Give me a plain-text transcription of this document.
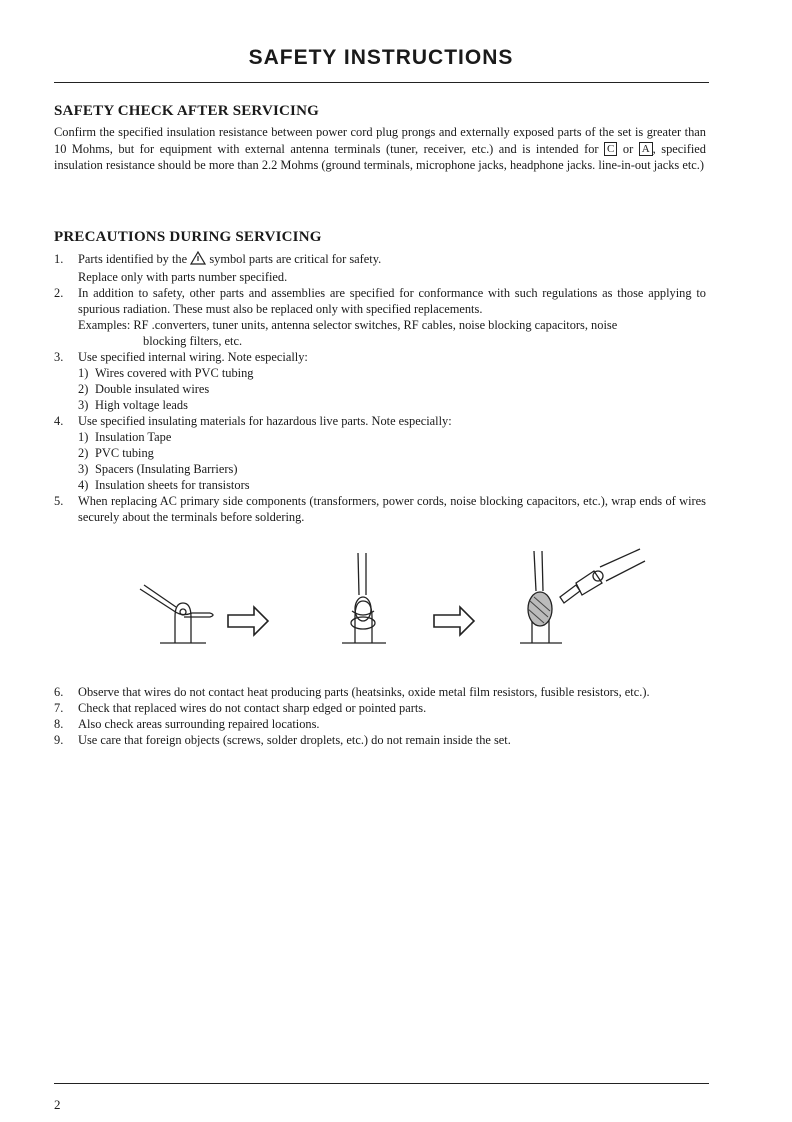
SAFETY INSTRUCTIONS
SAFETY CHECK AFTER SERVICING

Confirm the specified insulation resistance between power cord plug prongs and externally exposed parts of the set is greater than 10 Mohms, but for equipment with external antenna terminals (tuner, receiver, etc.) and is intended for C or A , specified insulation resistance should be more than 2.2 Mohms (ground terminals, microphone jacks, headphone jacks. line-in-out jacks etc.)

PRECAUTIONS DURING SERVICING
1. Parts identified by the symbol parts are critical for safety.
Replace only with parts number specified.
2. In addition to safety, other parts and assemblies are specified for conformance with such regulations as those applying to spurious radiation. These must also be replaced only with specified replacements.
Examples: RF .converters, tuner units, antenna selector switches, RF cables, noise blocking capacitors, noise
blocking filters, etc.
3. Use specified internal wiring. Note especially:
1) Wires covered with PVC tubing
2) Double insulated wires
3) High voltage leads
4. Use specified insulating materials for hazardous live parts. Note especially:
1) Insulation Tape
2) PVC tubing
3) Spacers (Insulating Barriers)
4) Insulation sheets for transistors
5. When replacing AC primary side components (transformers, power cords, noise blocking capacitors, etc.), wrap ends of wires securely about the terminals before soldering.
6. Observe that wires do not contact heat producing parts (heatsinks, oxide metal film resistors, fusible resistors, etc.).
7. Check that replaced wires do not contact sharp edged or pointed parts.
8. Also check areas surrounding repaired locations.
9. Use care that foreign objects (screws, solder droplets, etc.) do not remain inside the set.

2
